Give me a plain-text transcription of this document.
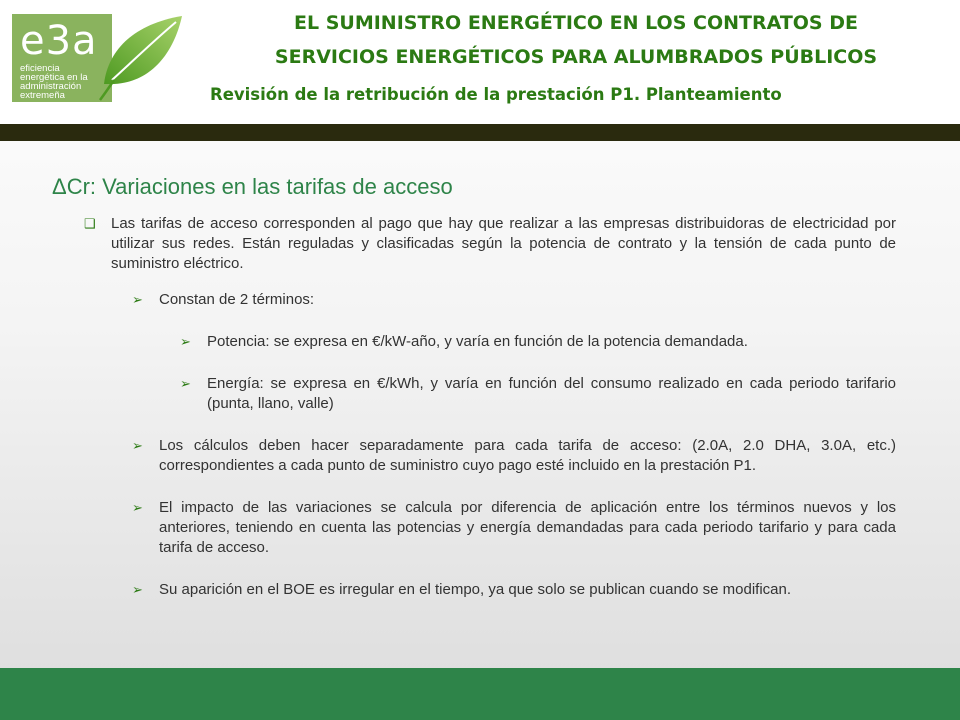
e3a
eficiencia
energética en la
administración
extremeña
EL SUMINISTRO ENERGÉTICO EN LOS CONTRATOS DE
SERVICIOS ENERGÉTICOS PARA ALUMBRADOS PÚBLICOS
Revisión de la retribución de la prestación P1. Planteamiento
ΔCr: Variaciones en las tarifas de acceso
❑ Las tarifas de acceso corresponden al pago que hay que realizar a las empresas distribuidoras de electricidad por utilizar sus redes. Están reguladas y clasificadas según la potencia de contrato y la tensión de cada punto de suministro eléctrico.
➢ Constan de 2 términos:
➢ Potencia: se expresa en €/kW-año, y varía en función de la potencia demandada.
➢ Energía: se expresa en €/kWh, y varía en función del consumo realizado en cada periodo tarifario (punta, llano, valle)
➢ Los cálculos deben hacer separadamente para cada tarifa de acceso: (2.0A, 2.0 DHA, 3.0A, etc.) correspondientes a cada punto de suministro cuyo pago esté incluido en la prestación P1.
➢ El impacto de las variaciones se calcula por diferencia de aplicación entre los términos nuevos y los anteriores, teniendo en cuenta las potencias y energía demandadas para cada periodo tarifario y para cada tarifa de acceso.
➢ Su aparición en el BOE es irregular en el tiempo, ya que solo se publican cuando se modifican.
